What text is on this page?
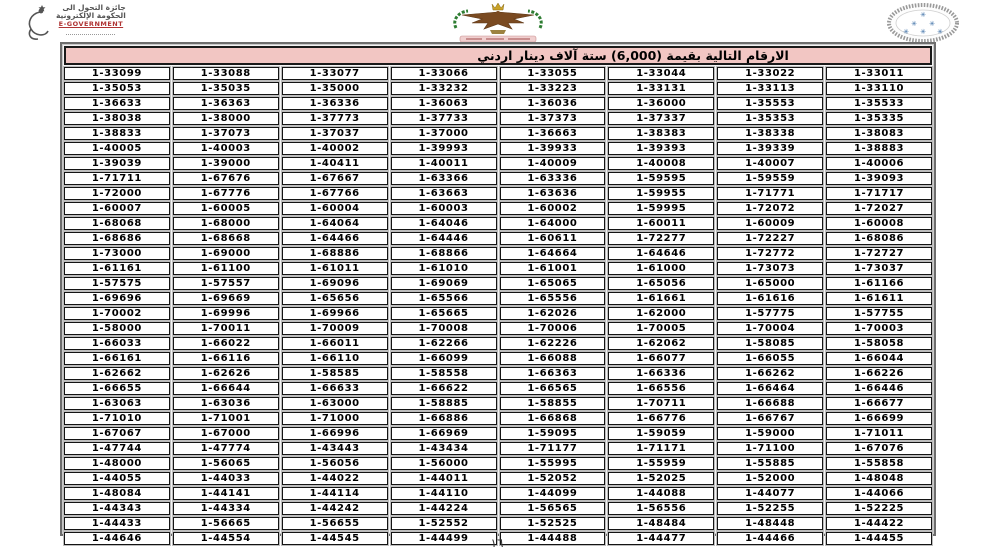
جائزة التحول الى
الحكومة الإلكترونية
E-GOVERNMENT
✳
✳ ✳
✳ ✳ ✳
الارقام التالية بقيمة (6,000) ستة آلاف دينار اردني
1-33099	1-33088	1-33077	1-33066	1-33055	1-33044	1-33022	1-33011
1-35053	1-35035	1-35000	1-33232	1-33223	1-33131	1-33113	1-33110
1-36633	1-36363	1-36336	1-36063	1-36036	1-36000	1-35553	1-35533
1-38038	1-38000	1-37773	1-37733	1-37373	1-37337	1-35353	1-35335
1-38833	1-37073	1-37037	1-37000	1-36663	1-38383	1-38338	1-38083
1-40005	1-40003	1-40002	1-39993	1-39933	1-39393	1-39339	1-38883
1-39039	1-39000	1-40411	1-40011	1-40009	1-40008	1-40007	1-40006
1-71711	1-67676	1-67667	1-63366	1-63336	1-59595	1-59559	1-39093
1-72000	1-67776	1-67766	1-63663	1-63636	1-59955	1-71771	1-71717
1-60007	1-60005	1-60004	1-60003	1-60002	1-59995	1-72072	1-72027
1-68068	1-68000	1-64064	1-64046	1-64000	1-60011	1-60009	1-60008
1-68686	1-68668	1-64466	1-64446	1-60611	1-72277	1-72227	1-68086
1-73000	1-69000	1-68886	1-68866	1-64664	1-64646	1-72772	1-72727
1-61161	1-61100	1-61011	1-61010	1-61001	1-61000	1-73073	1-73037
1-57575	1-57557	1-69096	1-69069	1-65065	1-65056	1-65000	1-61166
1-69696	1-69669	1-65656	1-65566	1-65556	1-61661	1-61616	1-61611
1-70002	1-69996	1-69966	1-65665	1-62026	1-62000	1-57775	1-57755
1-58000	1-70011	1-70009	1-70008	1-70006	1-70005	1-70004	1-70003
1-66033	1-66022	1-66011	1-62266	1-62226	1-62062	1-58085	1-58058
1-66161	1-66116	1-66110	1-66099	1-66088	1-66077	1-66055	1-66044
1-62662	1-62626	1-58585	1-58558	1-66363	1-66336	1-66262	1-66226
1-66655	1-66644	1-66633	1-66622	1-66565	1-66556	1-66464	1-66446
1-63063	1-63036	1-63000	1-58885	1-58855	1-70711	1-66688	1-66677
1-71010	1-71001	1-71000	1-66886	1-66868	1-66776	1-66767	1-66699
1-67067	1-67000	1-66996	1-66969	1-59095	1-59059	1-59000	1-71011
1-47744	1-47774	1-43443	1-43434	1-71177	1-71171	1-71100	1-67076
1-48000	1-56065	1-56056	1-56000	1-55995	1-55959	1-55885	1-55858
1-44055	1-44033	1-44022	1-44011	1-52052	1-52025	1-52000	1-48048
1-48084	1-44141	1-44114	1-44110	1-44099	1-44088	1-44077	1-44066
1-44343	1-44334	1-44242	1-44224	1-56565	1-56556	1-52255	1-52225
1-44433	1-56665	1-56655	1-52552	1-52525	1-48484	1-48448	1-44422
1-44646	1-44554	1-44545	1-44499	1-44488	1-44477	1-44466	1-44455
١٦
